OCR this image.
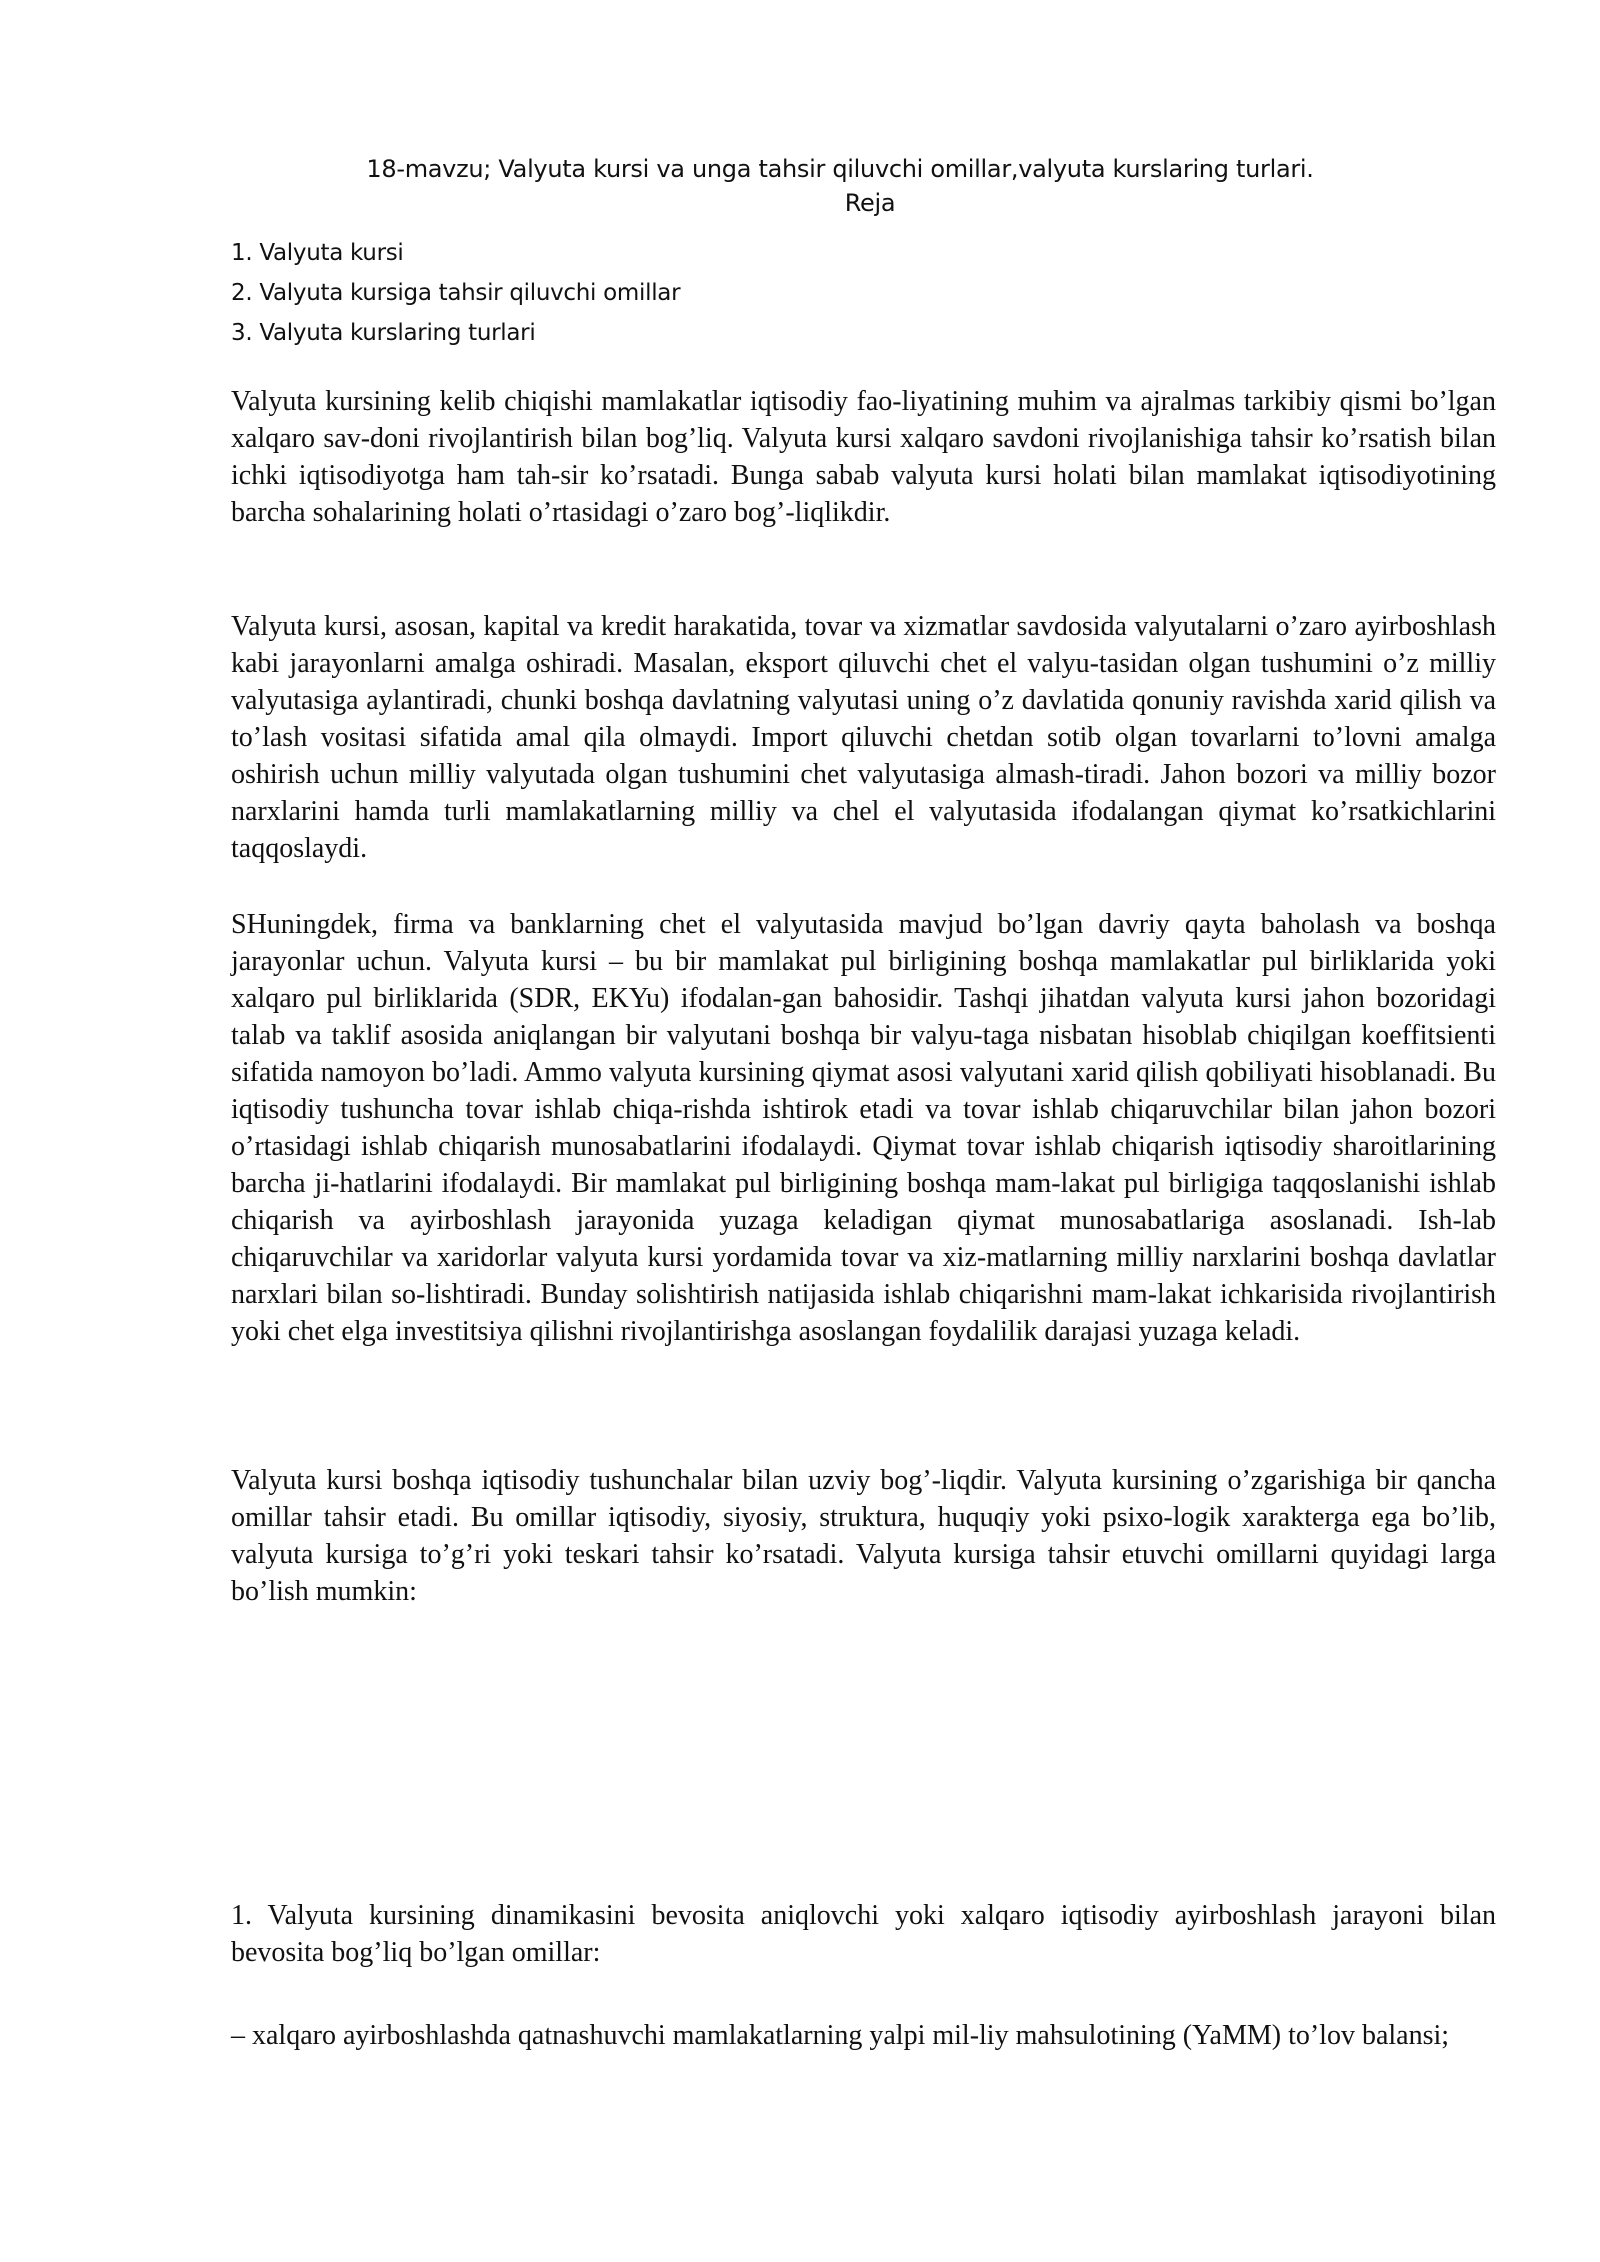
18-mavzu; Valyuta kursi va unga tahsir qiluvchi omillar,valyuta kurslaring turlari.
Reja
1. Valyuta kursi
2. Valyuta kursiga tahsir qiluvchi omillar
3. Valyuta kurslaring turlari

Valyuta kursining kelib chiqishi mamlakatlar iqtisodiy fao-liyatining muhim va ajralmas tarkibiy qismi bo’lgan xalqaro sav-doni rivojlantirish bilan bog’liq. Valyuta kursi xalqaro savdoni rivojlanishiga tahsir ko’rsatish bilan ichki iqtisodiyotga ham tah-sir ko’rsatadi. Bunga sabab valyuta kursi holati bilan mamlakat iqtisodiyotining barcha sohalarining holati o’rtasidagi o’zaro bog’-liqlikdir.

Valyuta kursi, asosan, kapital va kredit harakatida, tovar va xizmatlar savdosida valyutalarni o’zaro ayirboshlash kabi jarayonlarni amalga oshiradi. Masalan, eksport qiluvchi chet el valyu-tasidan olgan tushumini o’z milliy valyutasiga aylantiradi, chunki boshqa davlatning valyutasi uning o’z davlatida qonuniy ravishda xarid qilish va to’lash vositasi sifatida amal qila olmaydi. Import qiluvchi chetdan sotib olgan tovarlarni to’lovni amalga oshirish uchun milliy valyutada olgan tushumini chet valyutasiga almash-tiradi. Jahon bozori va milliy bozor narxlarini hamda turli mamlakatlarning milliy va chel el valyutasida ifodalangan qiymat ko’rsatkichlarini taqqoslaydi.

SHuningdek, firma va banklarning chet el valyutasida mavjud bo’lgan davriy qayta baholash va boshqa jarayonlar uchun. Valyuta kursi – bu bir mamlakat pul birligining boshqa mamlakatlar pul birliklarida yoki xalqaro pul birliklarida (SDR, EKYu) ifodalan-gan bahosidir. Tashqi jihatdan valyuta kursi jahon bozoridagi talab va taklif asosida aniqlangan bir valyutani boshqa bir valyu-taga nisbatan hisoblab chiqilgan koeffitsienti sifatida namoyon bo’ladi. Ammo valyuta kursining qiymat asosi valyutani xarid qilish qobiliyati hisoblanadi. Bu iqtisodiy tushuncha tovar ishlab chiqa-rishda ishtirok etadi va tovar ishlab chiqaruvchilar bilan jahon bozori o’rtasidagi ishlab chiqarish munosabatlarini ifodalaydi. Qiymat tovar ishlab chiqarish iqtisodiy sharoitlarining barcha ji-hatlarini ifodalaydi. Bir mamlakat pul birligining boshqa mam-lakat pul birligiga taqqoslanishi ishlab chiqarish va ayirboshlash jarayonida yuzaga keladigan qiymat munosabatlariga asoslanadi. Ish-lab chiqaruvchilar va xaridorlar valyuta kursi yordamida tovar va xiz-matlarning milliy narxlarini boshqa davlatlar narxlari bilan so-lishtiradi. Bunday solishtirish natijasida ishlab chiqarishni mam-lakat ichkarisida rivojlantirish yoki chet elga investitsiya qilishni rivojlantirishga asoslangan foydalilik darajasi yuzaga keladi.

Valyuta kursi boshqa iqtisodiy tushunchalar bilan uzviy bog’-liqdir. Valyuta kursining o’zgarishiga bir qancha omillar tahsir etadi. Bu omillar iqtisodiy, siyosiy, struktura, huquqiy yoki psixo-logik xarakterga ega bo’lib, valyuta kursiga to’g’ri yoki teskari tahsir ko’rsatadi. Valyuta kursiga tahsir etuvchi omillarni quyidagi larga bo’lish mumkin:

1. Valyuta kursining dinamikasini bevosita aniqlovchi yoki xalqaro iqtisodiy ayirboshlash jarayoni bilan bevosita bog’liq bo’lgan omillar:

– xalqaro ayirboshlashda qatnashuvchi mamlakatlarning yalpi mil-liy mahsulotining (YaMM) to’lov balansi;
